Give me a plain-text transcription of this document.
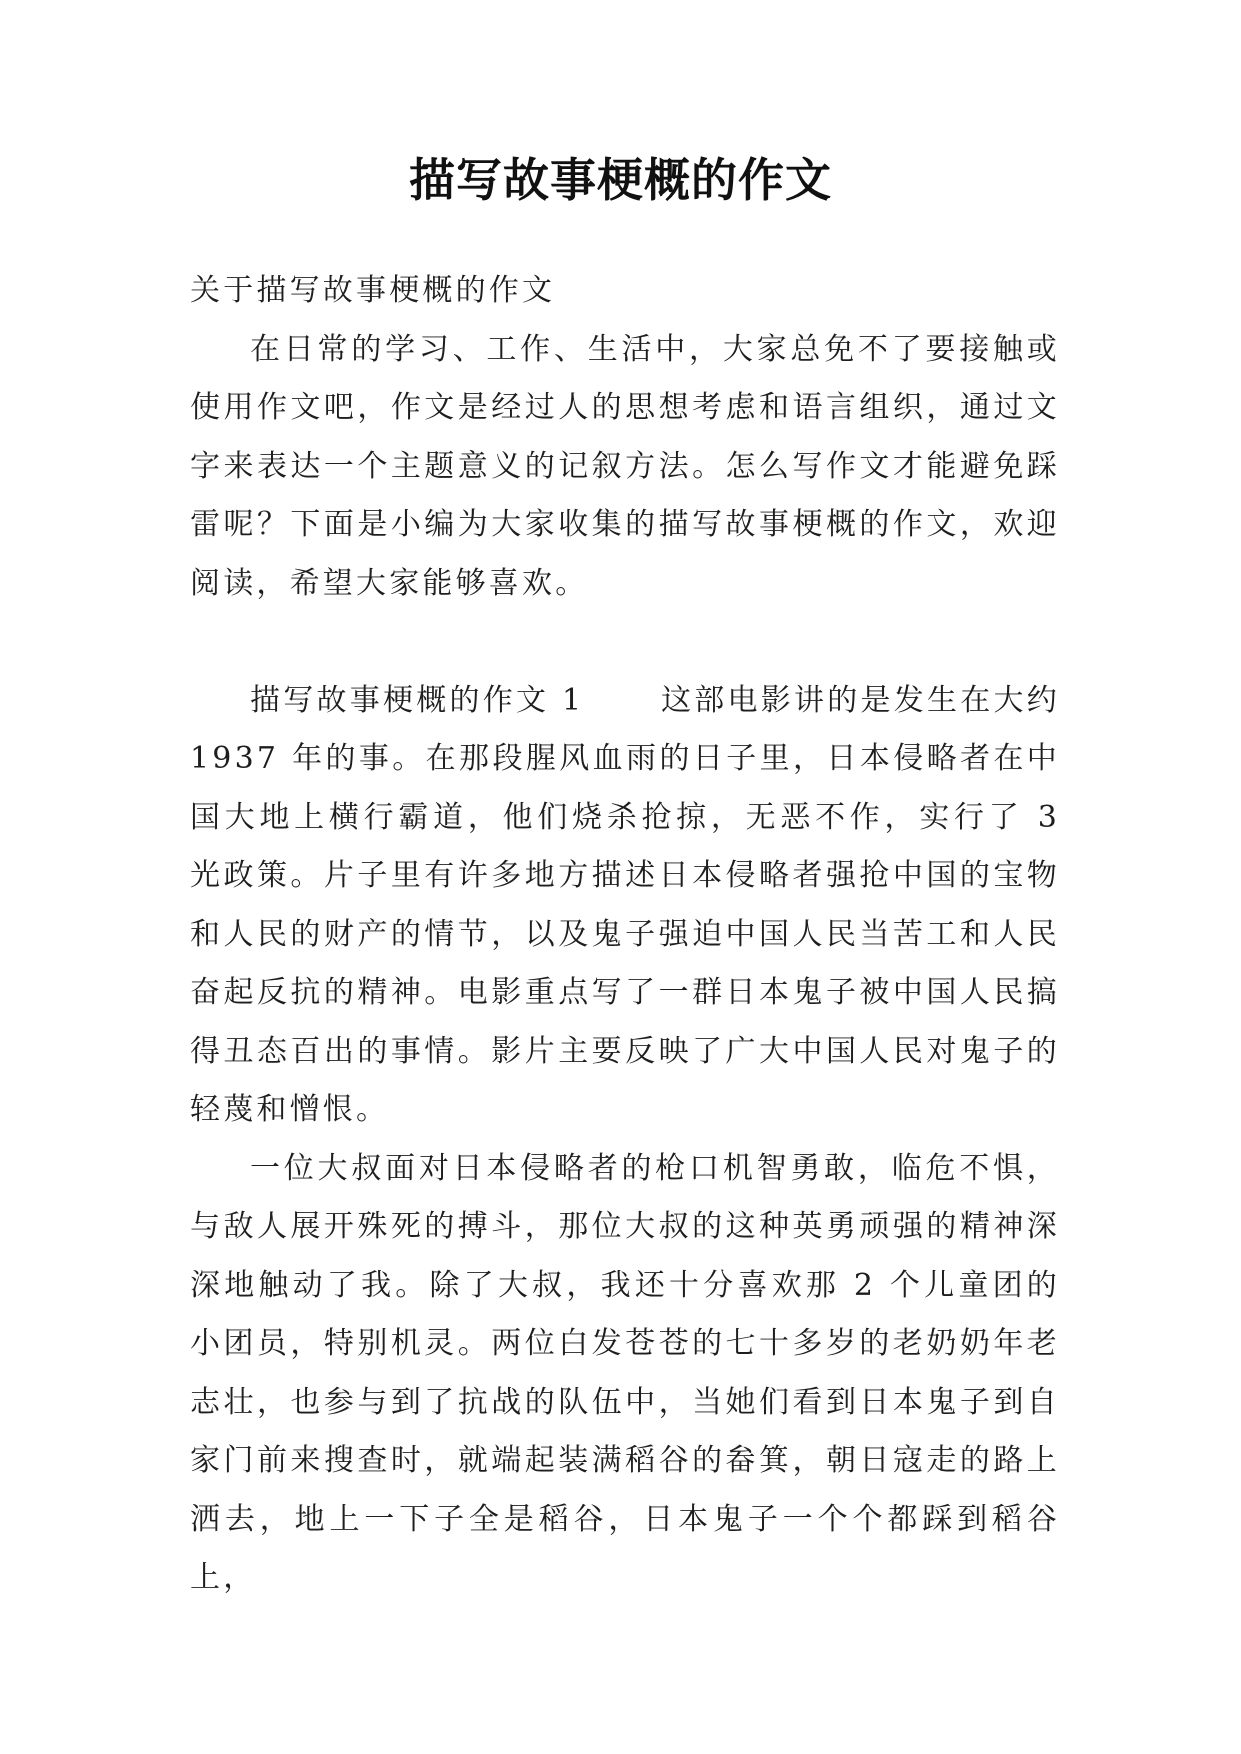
描写故事梗概的作文

关于描写故事梗概的作文

在日常的学习、工作、生活中，大家总免不了要接触或使用作文吧，作文是经过人的思想考虑和语言组织，通过文字来表达一个主题意义的记叙方法。怎么写作文才能避免踩雷呢？下面是小编为大家收集的描写故事梗概的作文，欢迎阅读，希望大家能够喜欢。

描写故事梗概的作文 1	这部电影讲的是发生在大约 1937 年的事。在那段腥风血雨的日子里，日本侵略者在中国大地上横行霸道，他们烧杀抢掠，无恶不作，实行了 3 光政策。片子里有许多地方描述日本侵略者强抢中国的宝物和人民的财产的情节，以及鬼子强迫中国人民当苦工和人民奋起反抗的精神。电影重点写了一群日本鬼子被中国人民搞得丑态百出的事情。影片主要反映了广大中国人民对鬼子的轻蔑和憎恨。

一位大叔面对日本侵略者的枪口机智勇敢，临危不惧，与敌人展开殊死的搏斗，那位大叔的这种英勇顽强的精神深深地触动了我。除了大叔，我还十分喜欢那 2 个儿童团的小团员，特别机灵。两位白发苍苍的七十多岁的老奶奶年老志壮，也参与到了抗战的队伍中，当她们看到日本鬼子到自家门前来搜查时，就端起装满稻谷的畚箕，朝日寇走的路上洒去，地上一下子全是稻谷，日本鬼子一个个都踩到稻谷上，
